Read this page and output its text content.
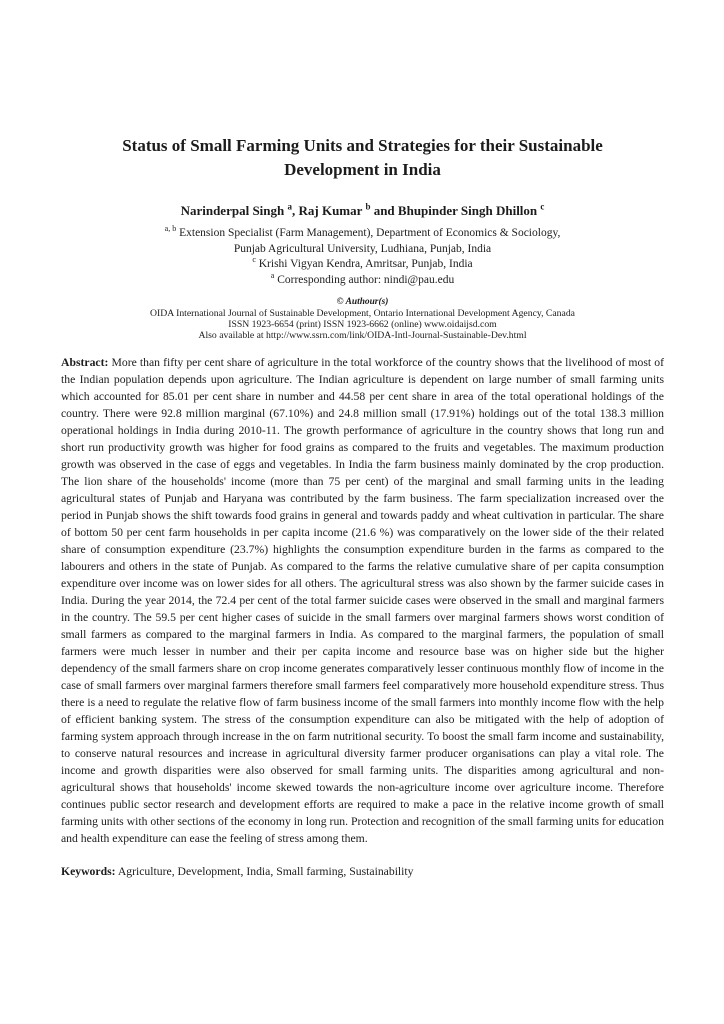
Status of Small Farming Units and Strategies for their Sustainable Development in India
Narinderpal Singh $^a$, Raj Kumar $^b$ and Bhupinder Singh Dhillon $^c$
$^{a, b}$ Extension Specialist (Farm Management), Department of Economics & Sociology,
Punjab Agricultural University, Ludhiana, Punjab, India
$^c$ Krishi Vigyan Kendra, Amritsar, Punjab, India
$^a$ Corresponding author: nindi@pau.edu
© Authour(s)
OIDA International Journal of Sustainable Development, Ontario International Development Agency, Canada
ISSN 1923-6654 (print) ISSN 1923-6662 (online) www.oidaijsd.com
Also available at http://www.ssrn.com/link/OIDA-Intl-Journal-Sustainable-Dev.html

Abstract: More than fifty per cent share of agriculture in the total workforce of the country shows that the livelihood of most of the Indian population depends upon agriculture. The Indian agriculture is dependent on large number of small farming units which accounted for 85.01 per cent share in number and 44.58 per cent share in area of the total operational holdings of the country. There were 92.8 million marginal (67.10%) and 24.8 million small (17.91%) holdings out of the total 138.3 million operational holdings in India during 2010-11. The growth performance of agriculture in the country shows that long run and short run productivity growth was higher for food grains as compared to the fruits and vegetables. The maximum production growth was observed in the case of eggs and vegetables. In India the farm business mainly dominated by the crop production. The lion share of the households' income (more than 75 per cent) of the marginal and small farming units in the leading agricultural states of Punjab and Haryana was contributed by the farm business. The farm specialization increased over the period in Punjab shows the shift towards food grains in general and towards paddy and wheat cultivation in particular. The share of bottom 50 per cent farm households in per capita income (21.6 %) was comparatively on the lower side of the their related share of consumption expenditure (23.7%) highlights the consumption expenditure burden in the farms as compared to the labourers and others in the state of Punjab. As compared to the farms the relative cumulative share of per capita consumption expenditure over income was on lower sides for all others. The agricultural stress was also shown by the farmer suicide cases in India. During the year 2014, the 72.4 per cent of the total farmer suicide cases were observed in the small and marginal farmers in the country. The 59.5 per cent higher cases of suicide in the small farmers over marginal farmers shows worst condition of small farmers as compared to the marginal farmers in India. As compared to the marginal farmers, the population of small farmers were much lesser in number and their per capita income and resource base was on higher side but the higher dependency of the small farmers share on crop income generates comparatively lesser continuous monthly flow of income in the case of small farmers over marginal farmers therefore small farmers feel comparatively more household expenditure stress. Thus there is a need to regulate the relative flow of farm business income of the small farmers into monthly income flow with the help of efficient banking system. The stress of the consumption expenditure can also be mitigated with the help of adoption of farming system approach through increase in the on farm nutritional security. To boost the small farm income and sustainability, to conserve natural resources and increase in agricultural diversity farmer producer organisations can play a vital role. The income and growth disparities were also observed for small farming units. The disparities among agricultural and non-agricultural shows that households' income skewed towards the non-agriculture income over agriculture income. Therefore continues public sector research and development efforts are required to make a pace in the relative income growth of small farming units with other sections of the economy in long run. Protection and recognition of the small farming units for education and health expenditure can ease the feeling of stress among them.

Keywords: Agriculture, Development, India, Small farming, Sustainability
